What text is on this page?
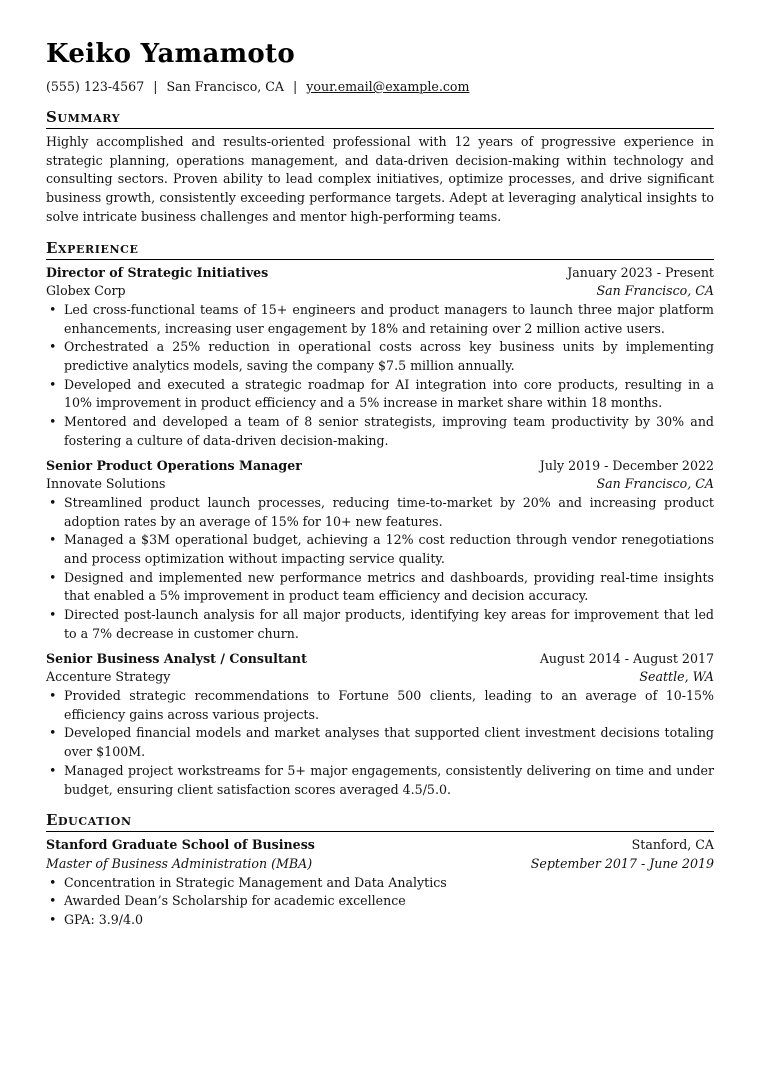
Keiko Yamamoto
(555) 123-4567 | San Francisco, CA | your.email@example.com
Summary

Highly accomplished and results-oriented professional with 12 years of progressive experience in strategic planning, operations management, and data-driven decision-making within technology and consulting sectors. Proven ability to lead complex initiatives, optimize processes, and drive significant business growth, consistently exceeding performance targets. Adept at leveraging analytical insights to solve intricate business challenges and mentor high-performing teams.

Experience
Director of Strategic Initiatives	January 2023 - Present
Globex Corp	San Francisco, CA
• Led cross-functional teams of 15+ engineers and product managers to launch three major platform enhancements, increasing user engagement by 18% and retaining over 2 million active users.
• Orchestrated a 25% reduction in operational costs across key business units by implementing predictive analytics models, saving the company $7.5 million annually.
• Developed and executed a strategic roadmap for AI integration into core products, resulting in a 10% improvement in product efficiency and a 5% increase in market share within 18 months.
• Mentored and developed a team of 8 senior strategists, improving team productivity by 30% and fostering a culture of data-driven decision-making.
Senior Product Operations Manager	July 2019 - December 2022
Innovate Solutions	San Francisco, CA
• Streamlined product launch processes, reducing time-to-market by 20% and increasing product adoption rates by an average of 15% for 10+ new features.
• Managed a $3M operational budget, achieving a 12% cost reduction through vendor renegotiations and process optimization without impacting service quality.
• Designed and implemented new performance metrics and dashboards, providing real-time insights that enabled a 5% improvement in product team efficiency and decision accuracy.
• Directed post-launch analysis for all major products, identifying key areas for improvement that led to a 7% decrease in customer churn.
Senior Business Analyst / Consultant	August 2014 - August 2017
Accenture Strategy	Seattle, WA
• Provided strategic recommendations to Fortune 500 clients, leading to an average of 10-15% efficiency gains across various projects.
• Developed financial models and market analyses that supported client investment decisions totaling over $100M.
• Managed project workstreams for 5+ major engagements, consistently delivering on time and under budget, ensuring client satisfaction scores averaged 4.5/5.0.
Education
Stanford Graduate School of Business	Stanford, CA
Master of Business Administration (MBA)	September 2017 - June 2019
• Concentration in Strategic Management and Data Analytics
• Awarded Dean’s Scholarship for academic excellence
• GPA: 3.9/4.0
